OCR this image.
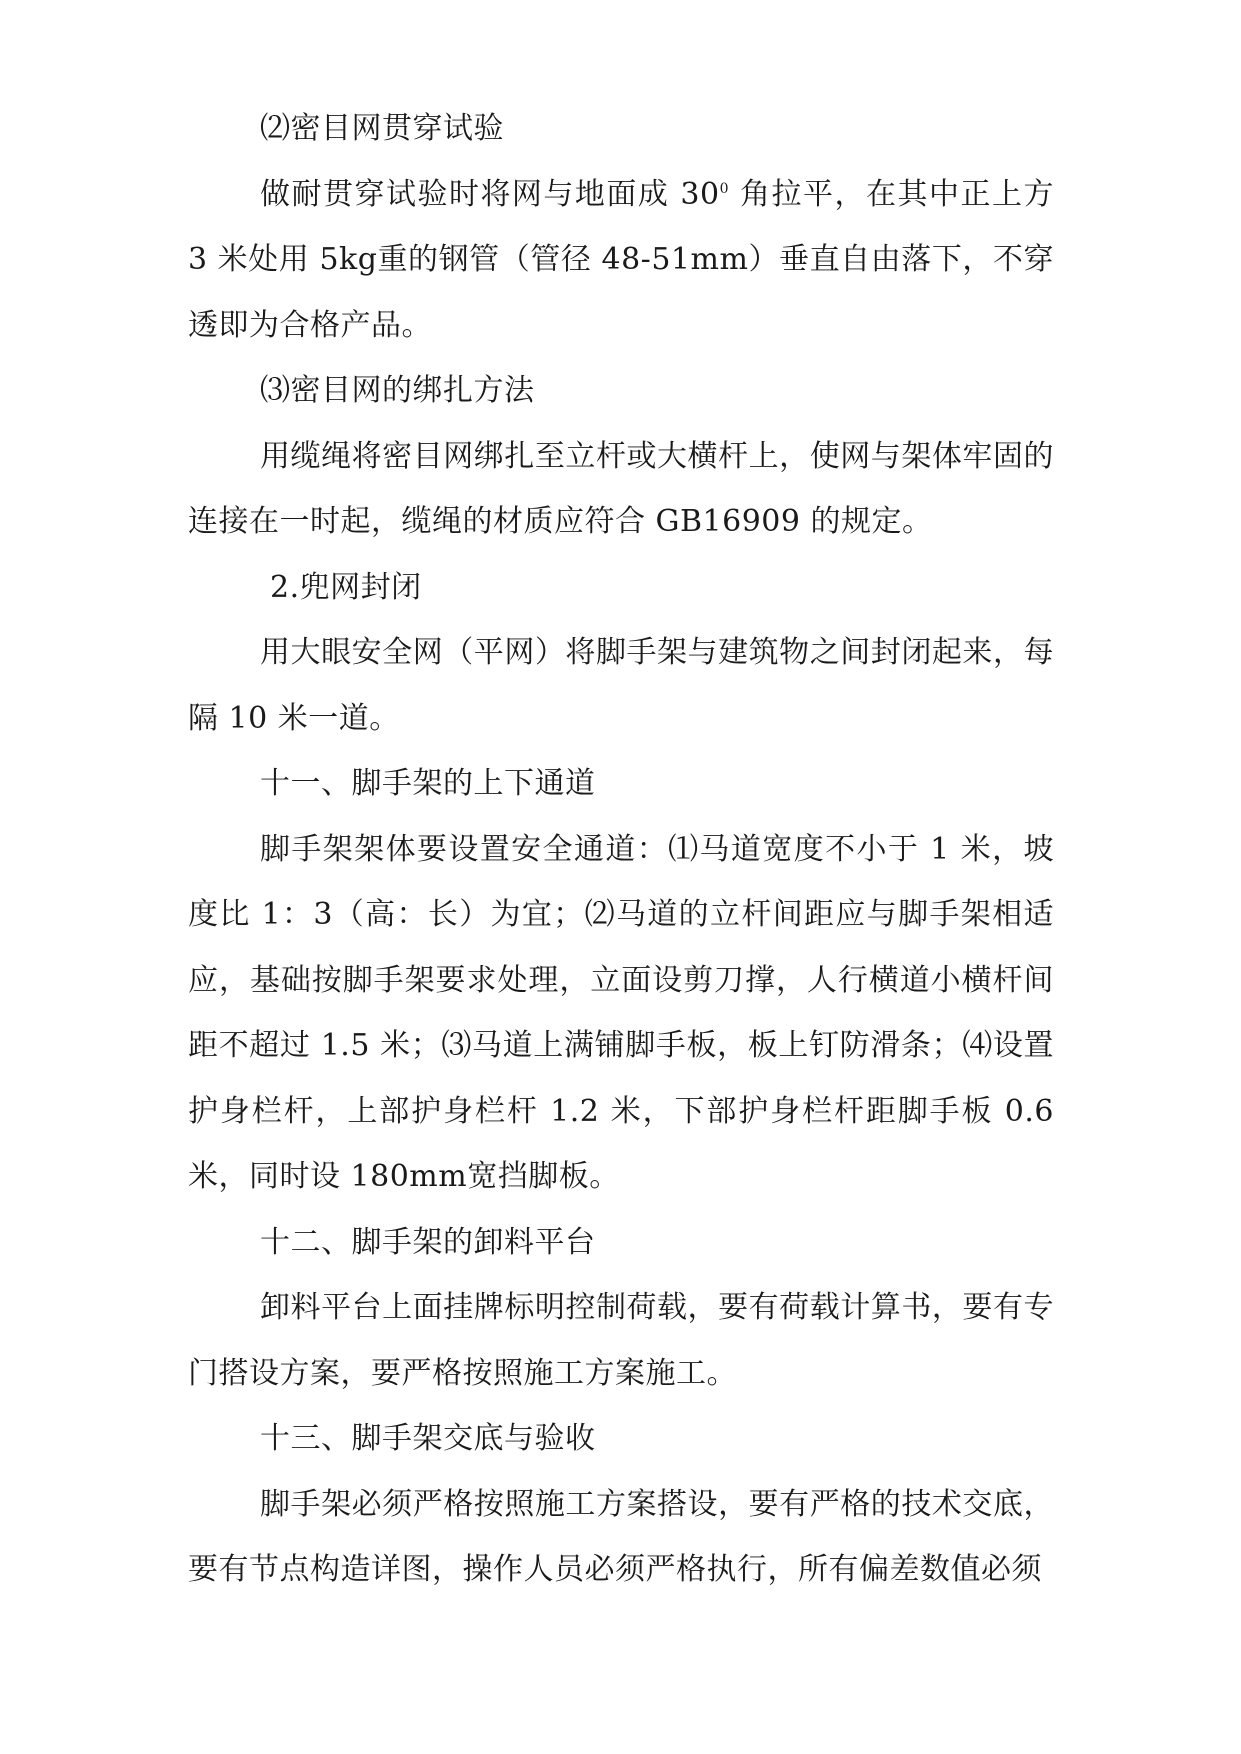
⑵密目网贯穿试验

做耐贯穿试验时将网与地面成 $30^0$ 角拉平，在其中正上方 3 米处用 5kg重的钢管（管径 48-51mm）垂直自由落下，不穿透即为合格产品。

⑶密目网的绑扎方法

用缆绳将密目网绑扎至立杆或大横杆上，使网与架体牢固的连接在一时起，缆绳的材质应符合 GB16909 的规定。

2.兜网封闭

用大眼安全网（平网）将脚手架与建筑物之间封闭起来，每隔 10 米一道。

十一、脚手架的上下通道

脚手架架体要设置安全通道：⑴马道宽度不小于 1 米，坡度比 1：3（高：长）为宜；⑵马道的立杆间距应与脚手架相适应，基础按脚手架要求处理，立面设剪刀撑，人行横道小横杆间距不超过 1.5 米；⑶马道上满铺脚手板，板上钉防滑条；⑷设置护身栏杆，上部护身栏杆 1.2 米，下部护身栏杆距脚手板 0.6 米，同时设 180mm宽挡脚板。

十二、脚手架的卸料平台

卸料平台上面挂牌标明控制荷载，要有荷载计算书，要有专门搭设方案，要严格按照施工方案施工。

十三、脚手架交底与验收

脚手架必须严格按照施工方案搭设，要有严格的技术交底，要有节点构造详图，操作人员必须严格执行，所有偏差数值必须
